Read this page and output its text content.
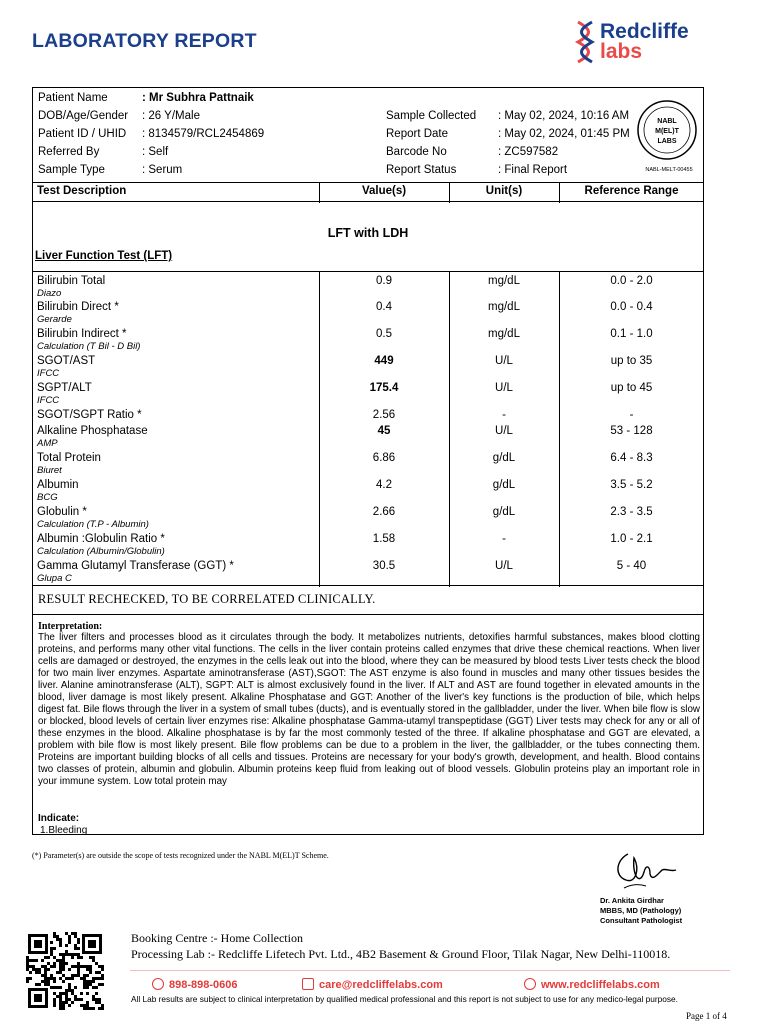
LABORATORY REPORT	Redcliffe
labs
Patient Name	: Mr Subhra Pattnaik
DOB/Age/Gender : 26 Y/Male
Patient ID / UHID : 8134579/RCL2454869
Referred By	: Self
Sample Type	: Serum
Sample Collected : May 02, 2024, 10:16 AM
Report Date	: May 02, 2024, 01:45 PM
Barcode No	: ZC597582
Report Status	: Final Report
NABL
M(EL)T
LABS
NABL-MELT-00455
Test Description	Value(s)	Unit(s)	Reference Range
LFT with LDH
Liver Function Test (LFT)
Bilirubin Total
Diazo
0.9	mg/dL	0.0 - 2.0
Bilirubin Direct *
Gerarde
0.4	mg/dL	0.0 - 0.4
Bilirubin Indirect *
Calculation (T Bil - D Bil)
0.5	mg/dL	0.1 - 1.0
SGOT/AST
IFCC
449	U/L	up to 35
SGPT/ALT
IFCC
175.4	U/L	up to 45
SGOT/SGPT Ratio *	2.56	-	-
Alkaline Phosphatase
AMP
45	U/L	53 - 128
Total Protein
Biuret
6.86	g/dL	6.4 - 8.3
Albumin
BCG
4.2	g/dL	3.5 - 5.2
Globulin *
Calculation (T.P - Albumin)
2.66	g/dL	2.3 - 3.5
Albumin :Globulin Ratio *
Calculation (Albumin/Globulin)
1.58	-	1.0 - 2.1
Gamma Glutamyl Transferase (GGT) *
Glupa C
30.5	U/L	5 - 40
RESULT RECHECKED, TO BE CORRELATED CLINICALLY.
Interpretation:
The liver filters and processes blood as it circulates through the body. It metabolizes nutrients, detoxifies harmful substances, makes blood clotting proteins, and performs many other vital functions. The cells in the liver contain proteins called enzymes that drive these chemical reactions. When liver cells are damaged or destroyed, the enzymes in the cells leak out into the blood, where they can be measured by blood tests Liver tests check the blood for two main liver enzymes. Aspartate aminotransferase (AST),SGOT: The AST enzyme is also found in muscles and many other tissues besides the liver. Alanine aminotransferase (ALT), SGPT: ALT is almost exclusively found in the liver. If ALT and AST are found together in elevated amounts in the blood, liver damage is most likely present. Alkaline Phosphatase and GGT: Another of the liver's key functions is the production of bile, which helps digest fat. Bile flows through the liver in a system of small tubes (ducts), and is eventually stored in the gallbladder, under the liver. When bile flow is slow or blocked, blood levels of certain liver enzymes rise: Alkaline phosphatase Gamma-utamyl transpeptidase (GGT) Liver tests may check for any or all of these enzymes in the blood. Alkaline phosphatase is by far the most commonly tested of the three. If alkaline phosphatase and GGT are elevated, a problem with bile flow is most likely present. Bile flow problems can be due to a problem in the liver, the gallbladder, or the tubes connecting them. Proteins are important building blocks of all cells and tissues. Proteins are necessary for your body's growth, development, and health. Blood contains two classes of protein, albumin and globulin. Albumin proteins keep fluid from leaking out of blood vessels. Globulin proteins play an important role in your immune system. Low total protein may
Indicate:
1.Bleeding
(*) Parameter(s) are outside the scope of tests recognized under the NABL M(EL)T Scheme.
Dr. Ankita Girdhar
MBBS, MD (Pathology)
Consultant Pathologist
Booking Centre :- Home Collection
Processing Lab :- Redcliffe Lifetech Pvt. Ltd., 4B2 Basement & Ground Floor, Tilak Nagar, New Delhi-110018.
898-898-0606	care@redcliffelabs.com	www.redcliffelabs.com
All Lab results are subject to clinical interpretation by qualified medical professional and this report is not subject to use for any medico-legal purpose.
Page 1 of 4
